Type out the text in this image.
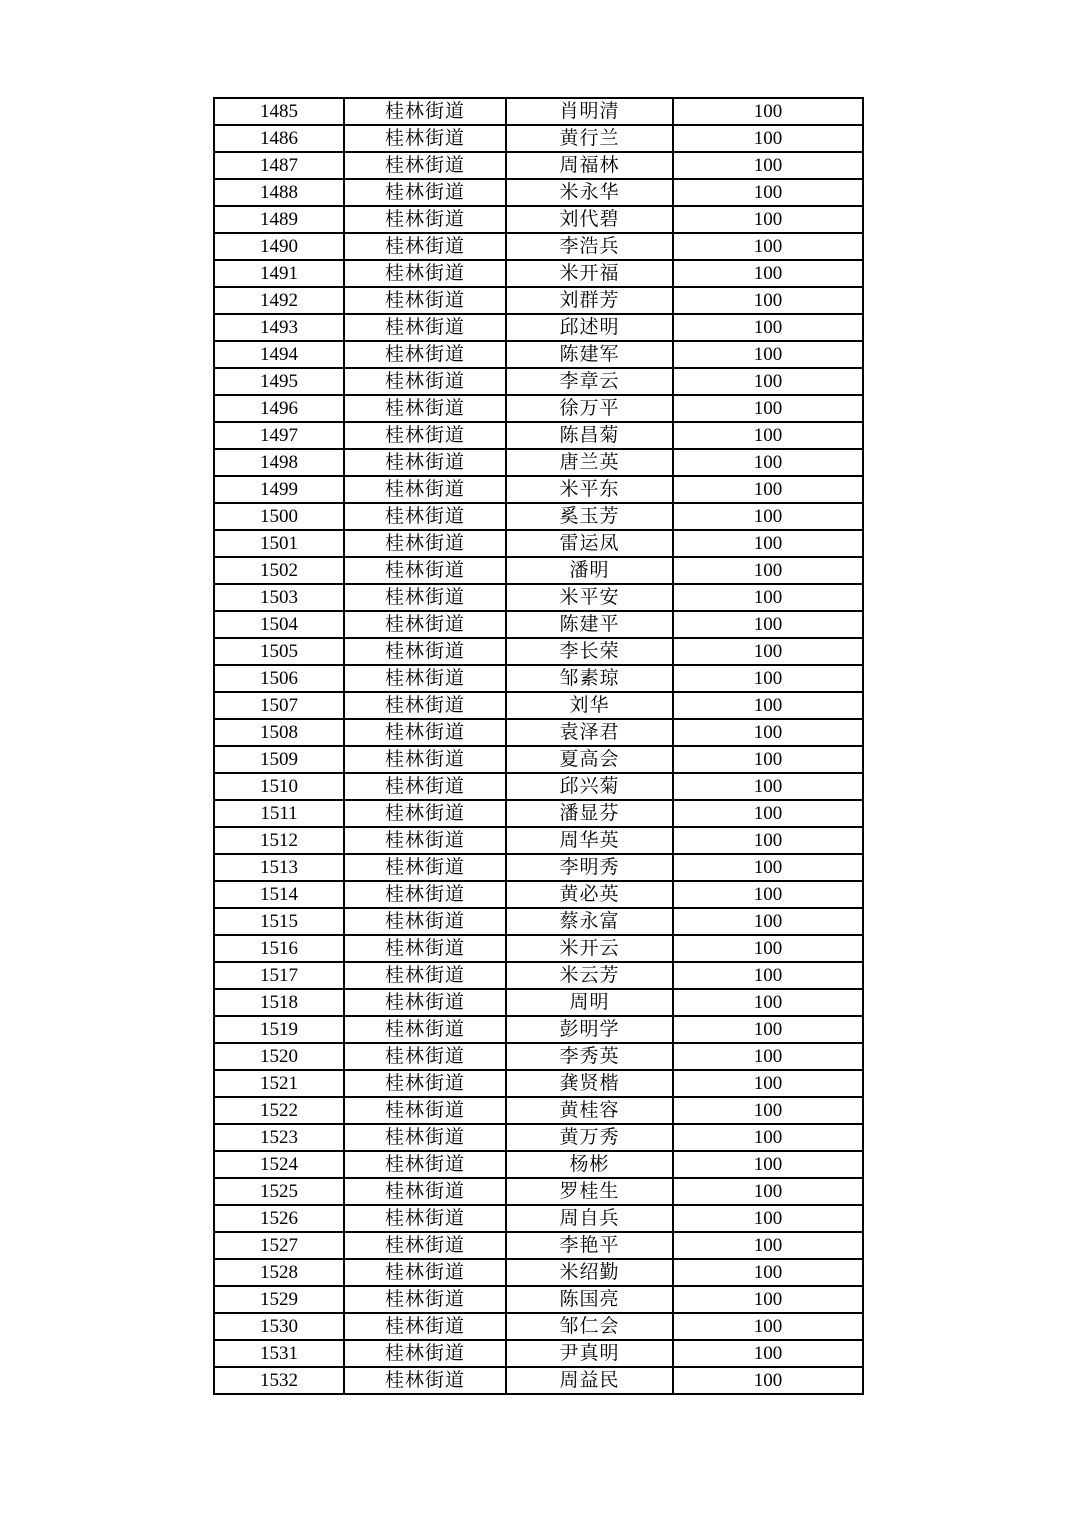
1485	桂林街道	肖明清	100
1486	桂林街道	黄行兰	100
1487	桂林街道	周福林	100
1488	桂林街道	米永华	100
1489	桂林街道	刘代碧	100
1490	桂林街道	李浩兵	100
1491	桂林街道	米开福	100
1492	桂林街道	刘群芳	100
1493	桂林街道	邱述明	100
1494	桂林街道	陈建军	100
1495	桂林街道	李章云	100
1496	桂林街道	徐万平	100
1497	桂林街道	陈昌菊	100
1498	桂林街道	唐兰英	100
1499	桂林街道	米平东	100
1500	桂林街道	奚玉芳	100
1501	桂林街道	雷运凤	100
1502	桂林街道	潘明	100
1503	桂林街道	米平安	100
1504	桂林街道	陈建平	100
1505	桂林街道	李长荣	100
1506	桂林街道	邹素琼	100
1507	桂林街道	刘华	100
1508	桂林街道	袁泽君	100
1509	桂林街道	夏高会	100
1510	桂林街道	邱兴菊	100
1511	桂林街道	潘显芬	100
1512	桂林街道	周华英	100
1513	桂林街道	李明秀	100
1514	桂林街道	黄必英	100
1515	桂林街道	蔡永富	100
1516	桂林街道	米开云	100
1517	桂林街道	米云芳	100
1518	桂林街道	周明	100
1519	桂林街道	彭明学	100
1520	桂林街道	李秀英	100
1521	桂林街道	龚贤楷	100
1522	桂林街道	黄桂容	100
1523	桂林街道	黄万秀	100
1524	桂林街道	杨彬	100
1525	桂林街道	罗桂生	100
1526	桂林街道	周自兵	100
1527	桂林街道	李艳平	100
1528	桂林街道	米绍勤	100
1529	桂林街道	陈国亮	100
1530	桂林街道	邹仁会	100
1531	桂林街道	尹真明	100
1532	桂林街道	周益民	100
